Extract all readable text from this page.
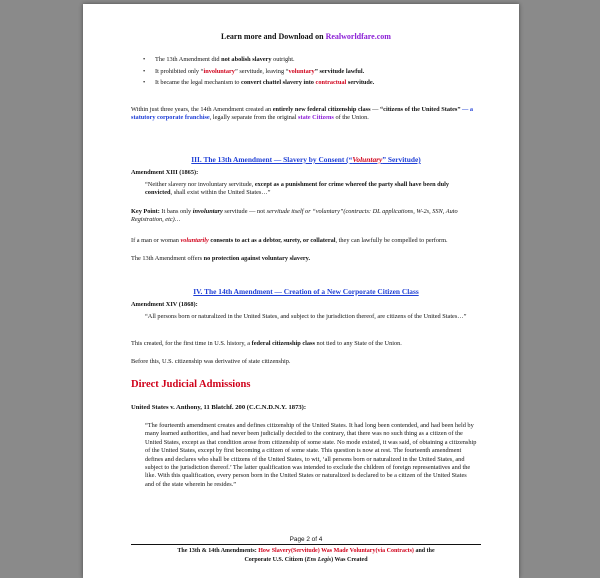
Learn more and Download on Realworldfare.com
•	The 13th Amendment did not abolish slavery outright.
•	It prohibited only “involuntary” servitude, leaving “voluntary” servitude lawful.
•	It became the legal mechanism to convert chattel slavery into contractual servitude.

Within just three years, the 14th Amendment created an entirely new federal citizenship class — “citizens of the United States” — a statutory corporate franchise, legally separate from the original state Citizens of the Union.

III. The 13th Amendment — Slavery by Consent (“Voluntary” Servitude)

Amendment XIII (1865):

“Neither slavery nor involuntary servitude, except as a punishment for crime whereof the party shall have been duly convicted, shall exist within the United States…”

Key Point: It bans only involuntary servitude — not servitude itself or “voluntary”(contracts: DL applications, W-2s, SSN, Auto Registration, etc)…

If a man or woman voluntarily consents to act as a debtor, surety, or collateral, they can lawfully be compelled to perform.

The 13th Amendment offers no protection against voluntary slavery.

IV. The 14th Amendment — Creation of a New Corporate Citizen Class

Amendment XIV (1868):

“All persons born or naturalized in the United States, and subject to the jurisdiction thereof, are citizens of the United States…”

This created, for the first time in U.S. history, a federal citizenship class not tied to any State of the Union.

Before this, U.S. citizenship was derivative of state citizenship.

Direct Judicial Admissions

United States v. Anthony, 11 Blatchf. 200 (C.C.N.D.N.Y. 1873):

“The fourteenth amendment creates and defines citizenship of the United States. It had long been contended, and had been held by many learned authorities, and had never been judicially decided to the contrary, that there was no such thing as a citizen of the United States, except as that condition arose from citizenship of some state. No mode existed, it was said, of obtaining a citizenship of the United States, except by first becoming a citizen of some state. This question is now at rest. The fourteenth amendment defines and declares who shall be citizens of the United States, to wit, ‘all persons born or naturalized in the United States, and subject to the jurisdiction thereof.’ The latter qualification was intended to exclude the children of foreign representatives and the like. With this qualification, every person born in the United States or naturalized is declared to be a citizen of the United States and of the state wherein he resides.”

Page 2 of 4
The 13th & 14th Amendments: How Slavery(Servitude) Was Made Voluntary(via Contracts) and the
Corporate U.S. Citizen (Ens Legis) Was Created
